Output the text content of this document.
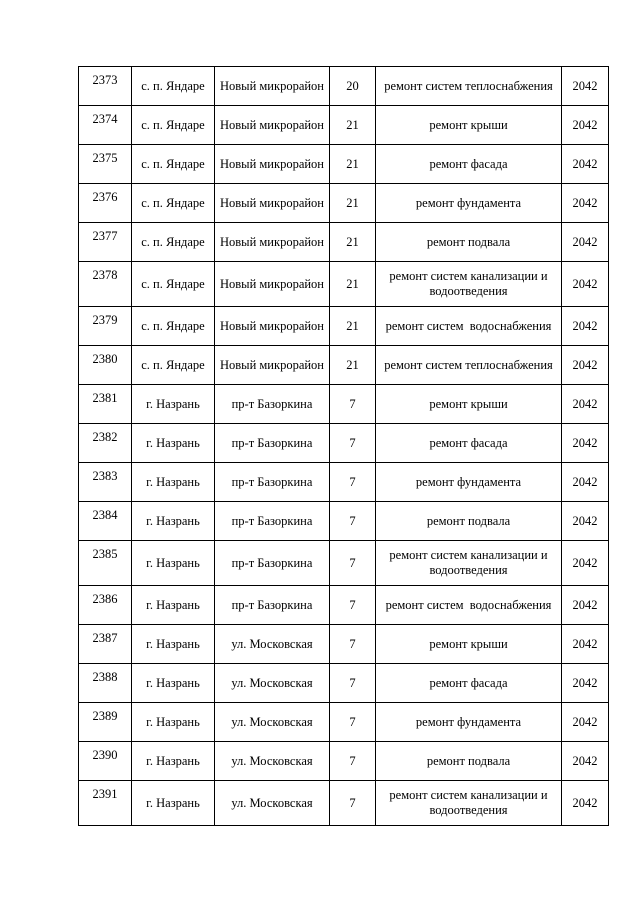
2373	с. п. Яндаре	Новый микрорайон	20	ремонт систем теплоснабжения	2042
2374	с. п. Яндаре	Новый микрорайон	21	ремонт крыши	2042
2375	с. п. Яндаре	Новый микрорайон	21	ремонт фасада	2042
2376	с. п. Яндаре	Новый микрорайон	21	ремонт фундамента	2042
2377	с. п. Яндаре	Новый микрорайон	21	ремонт подвала	2042
2378	с. п. Яндаре	Новый микрорайон	21	ремонт систем канализации и водоотведения	2042
2379	с. п. Яндаре	Новый микрорайон	21	ремонт систем  водоснабжения	2042
2380	с. п. Яндаре	Новый микрорайон	21	ремонт систем теплоснабжения	2042
2381	г. Назрань	пр-т Базоркина	7	ремонт крыши	2042
2382	г. Назрань	пр-т Базоркина	7	ремонт фасада	2042
2383	г. Назрань	пр-т Базоркина	7	ремонт фундамента	2042
2384	г. Назрань	пр-т Базоркина	7	ремонт подвала	2042
2385	г. Назрань	пр-т Базоркина	7	ремонт систем канализации и водоотведения	2042
2386	г. Назрань	пр-т Базоркина	7	ремонт систем  водоснабжения	2042
2387	г. Назрань	ул. Московская	7	ремонт крыши	2042
2388	г. Назрань	ул. Московская	7	ремонт фасада	2042
2389	г. Назрань	ул. Московская	7	ремонт фундамента	2042
2390	г. Назрань	ул. Московская	7	ремонт подвала	2042
2391	г. Назрань	ул. Московская	7	ремонт систем канализации и водоотведения	2042
